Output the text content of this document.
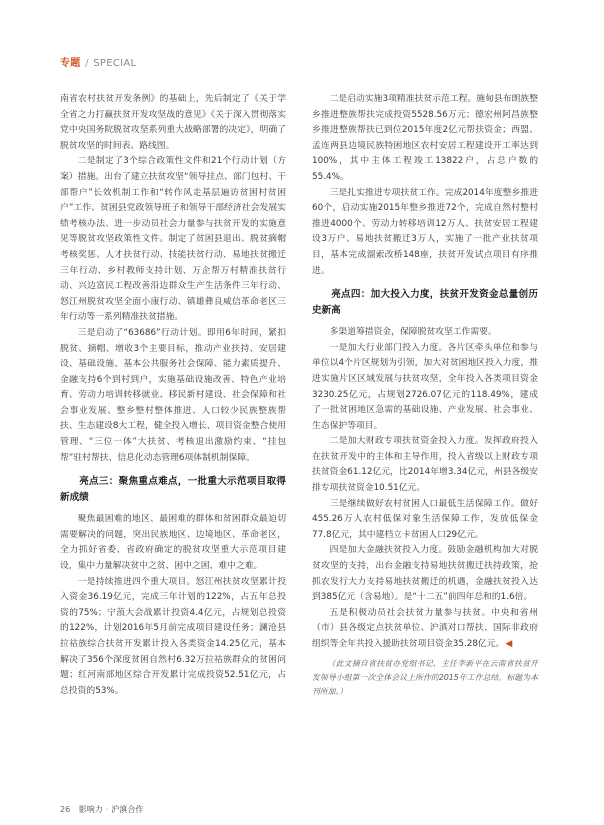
专题 / SPECIAL

南省农村扶贫开发条例》的基础上，先后制定了《关于学全省之力打赢扶贫开发攻坚战的意见》《关于深入贯彻落实党中央国务院脱贫攻坚系列重大战略部署的决定》，明确了脱贫攻坚的时间表、路线图。

二是制定了3个综合政策性文件和21个行动计划（方案）措施。出台了建立扶贫攻坚“领导挂点、部门包村、干部帮户”长效机制工作和“转作风走基层遍访贫困村贫困户”工作、贫困县党政领导班子和领导干部经济社会发展实绩考核办法、进一步动员社会力量参与扶贫开发的实施意见等脱贫攻坚政策性文件。制定了贫困县退出、脱贫摘帽考核奖惩、人才扶贫行动、技能扶贫行动、易地扶贫搬迁三年行动、乡村教师支持计划、万企帮万村精准扶贫行动、兴边富民工程改善沿边群众生产生活条件三年行动、怒江州脱贫攻坚全面小康行动、镇雄彝良威信革命老区三年行动等一系列精准扶贫措施。

三是启动了“63686”行动计划。即用6年时间，紧扣脱贫、摘帽、增收3个主要目标，推动产业扶持、安居建设、基础设施、基本公共服务社会保障、能力素质提升、金融支持6个到村到户，实施基础设施改善、特色产业培育、劳动力培训转移就业、移民新村建设、社会保障和社会事业发展、整乡整村整体推进、人口较少民族整族帮扶、生态建设8大工程，健全投入增长、项目资金整合使用管理、“三位一体”大扶贫、考核退出激励约束、“挂包帮”驻村帮扶、信息化动态管理6项体制机制保障。

亮点三：聚焦重点难点，一批重大示范项目取得新成绩

聚焦最困难的地区、最困难的群体和贫困群众最迫切需要解决的问题，突出民族地区、边境地区、革命老区，全力抓好省委、省政府确定的脱贫攻坚重大示范项目建设，集中力量解决贫中之贫、困中之困、难中之难。

一是持续推进四个重大项目。怒江州扶贫攻坚累计投入资金36.19亿元，完成三年计划的122%，占五年总投资的75%；宁蒗大会战累计投资4.4亿元，占规划总投资的122%，计划2016年5月前完成项目建设任务；澜沧县拉祜族综合扶贫开发累计投入各类资金14.25亿元，基本解决了356个深度贫困自然村6.32万拉祜族群众的贫困问题；红河南部地区综合开发累计完成投资52.51亿元，占总投资的53%。

二是启动实施3项精准扶贫示范工程。施甸县布朗族整乡推进整族帮扶完成投资5528.56万元；德宏州阿昌族整乡推进整族帮扶已到位2015年度2亿元帮扶资金；西盟、孟连两县边境民族特困地区农村安居工程建设开工率达到100%，其中主体工程竣工13822户，占总户数的55.4%。

三是扎实推进专项扶贫工作。完成2014年度整乡推进60个，启动实施2015年整乡推进72个，完成自然村整村推进4000个、劳动力转移培训12万人、扶贫安居工程建设3万户、易地扶贫搬迁3万人，实施了一批产业扶贫项目，基本完成溜索改桥148座，扶贫开发试点项目有序推进。

亮点四：加大投入力度，扶贫开发资金总量创历史新高

多渠道筹措资金，保障脱贫攻坚工作需要。

一是加大行业部门投入力度。各片区牵头单位和参与单位以4个片区规划为引领，加大对贫困地区投入力度，推进实施片区区域发展与扶贫攻坚，全年投入各类项目资金3230.25亿元，占规划2726.07亿元的118.49%，建成了一批贫困地区急需的基础设施、产业发展、社会事业、生态保护等项目。

二是加大财政专项扶贫资金投入力度。发挥政府投入在扶贫开发中的主体和主导作用，投入省级以上财政专项扶贫资金61.12亿元，比2014年增3.34亿元，州县各级安排专项扶贫资金10.51亿元。

三是继续做好农村贫困人口最低生活保障工作。做好455.26万人农村低保对象生活保障工作，发放低保金77.8亿元，其中建档立卡贫困人口29亿元。

四是加大金融扶贫投入力度。鼓励金融机构加大对脱贫攻坚的支持，出台金融支持易地扶贫搬迁扶持政策，抢抓农发行大力支持易地扶贫搬迁的机遇，金融扶贫投入达到385亿元（含易地）。是“十二五”前四年总和的1.6倍。

五是积极动员社会扶贫力量参与扶贫。中央和省州（市）县各级定点扶贫单位、沪滇对口帮扶、国际非政府组织等全年共投入援助扶贫项目资金35.28亿元。◀

（此文摘自省扶贫办党组书记、主任李新平在云南省扶贫开发领导小组第一次全体会议上所作的2015年工作总结。标题为本刊所加。）

26 影响力 · 沪滇合作
